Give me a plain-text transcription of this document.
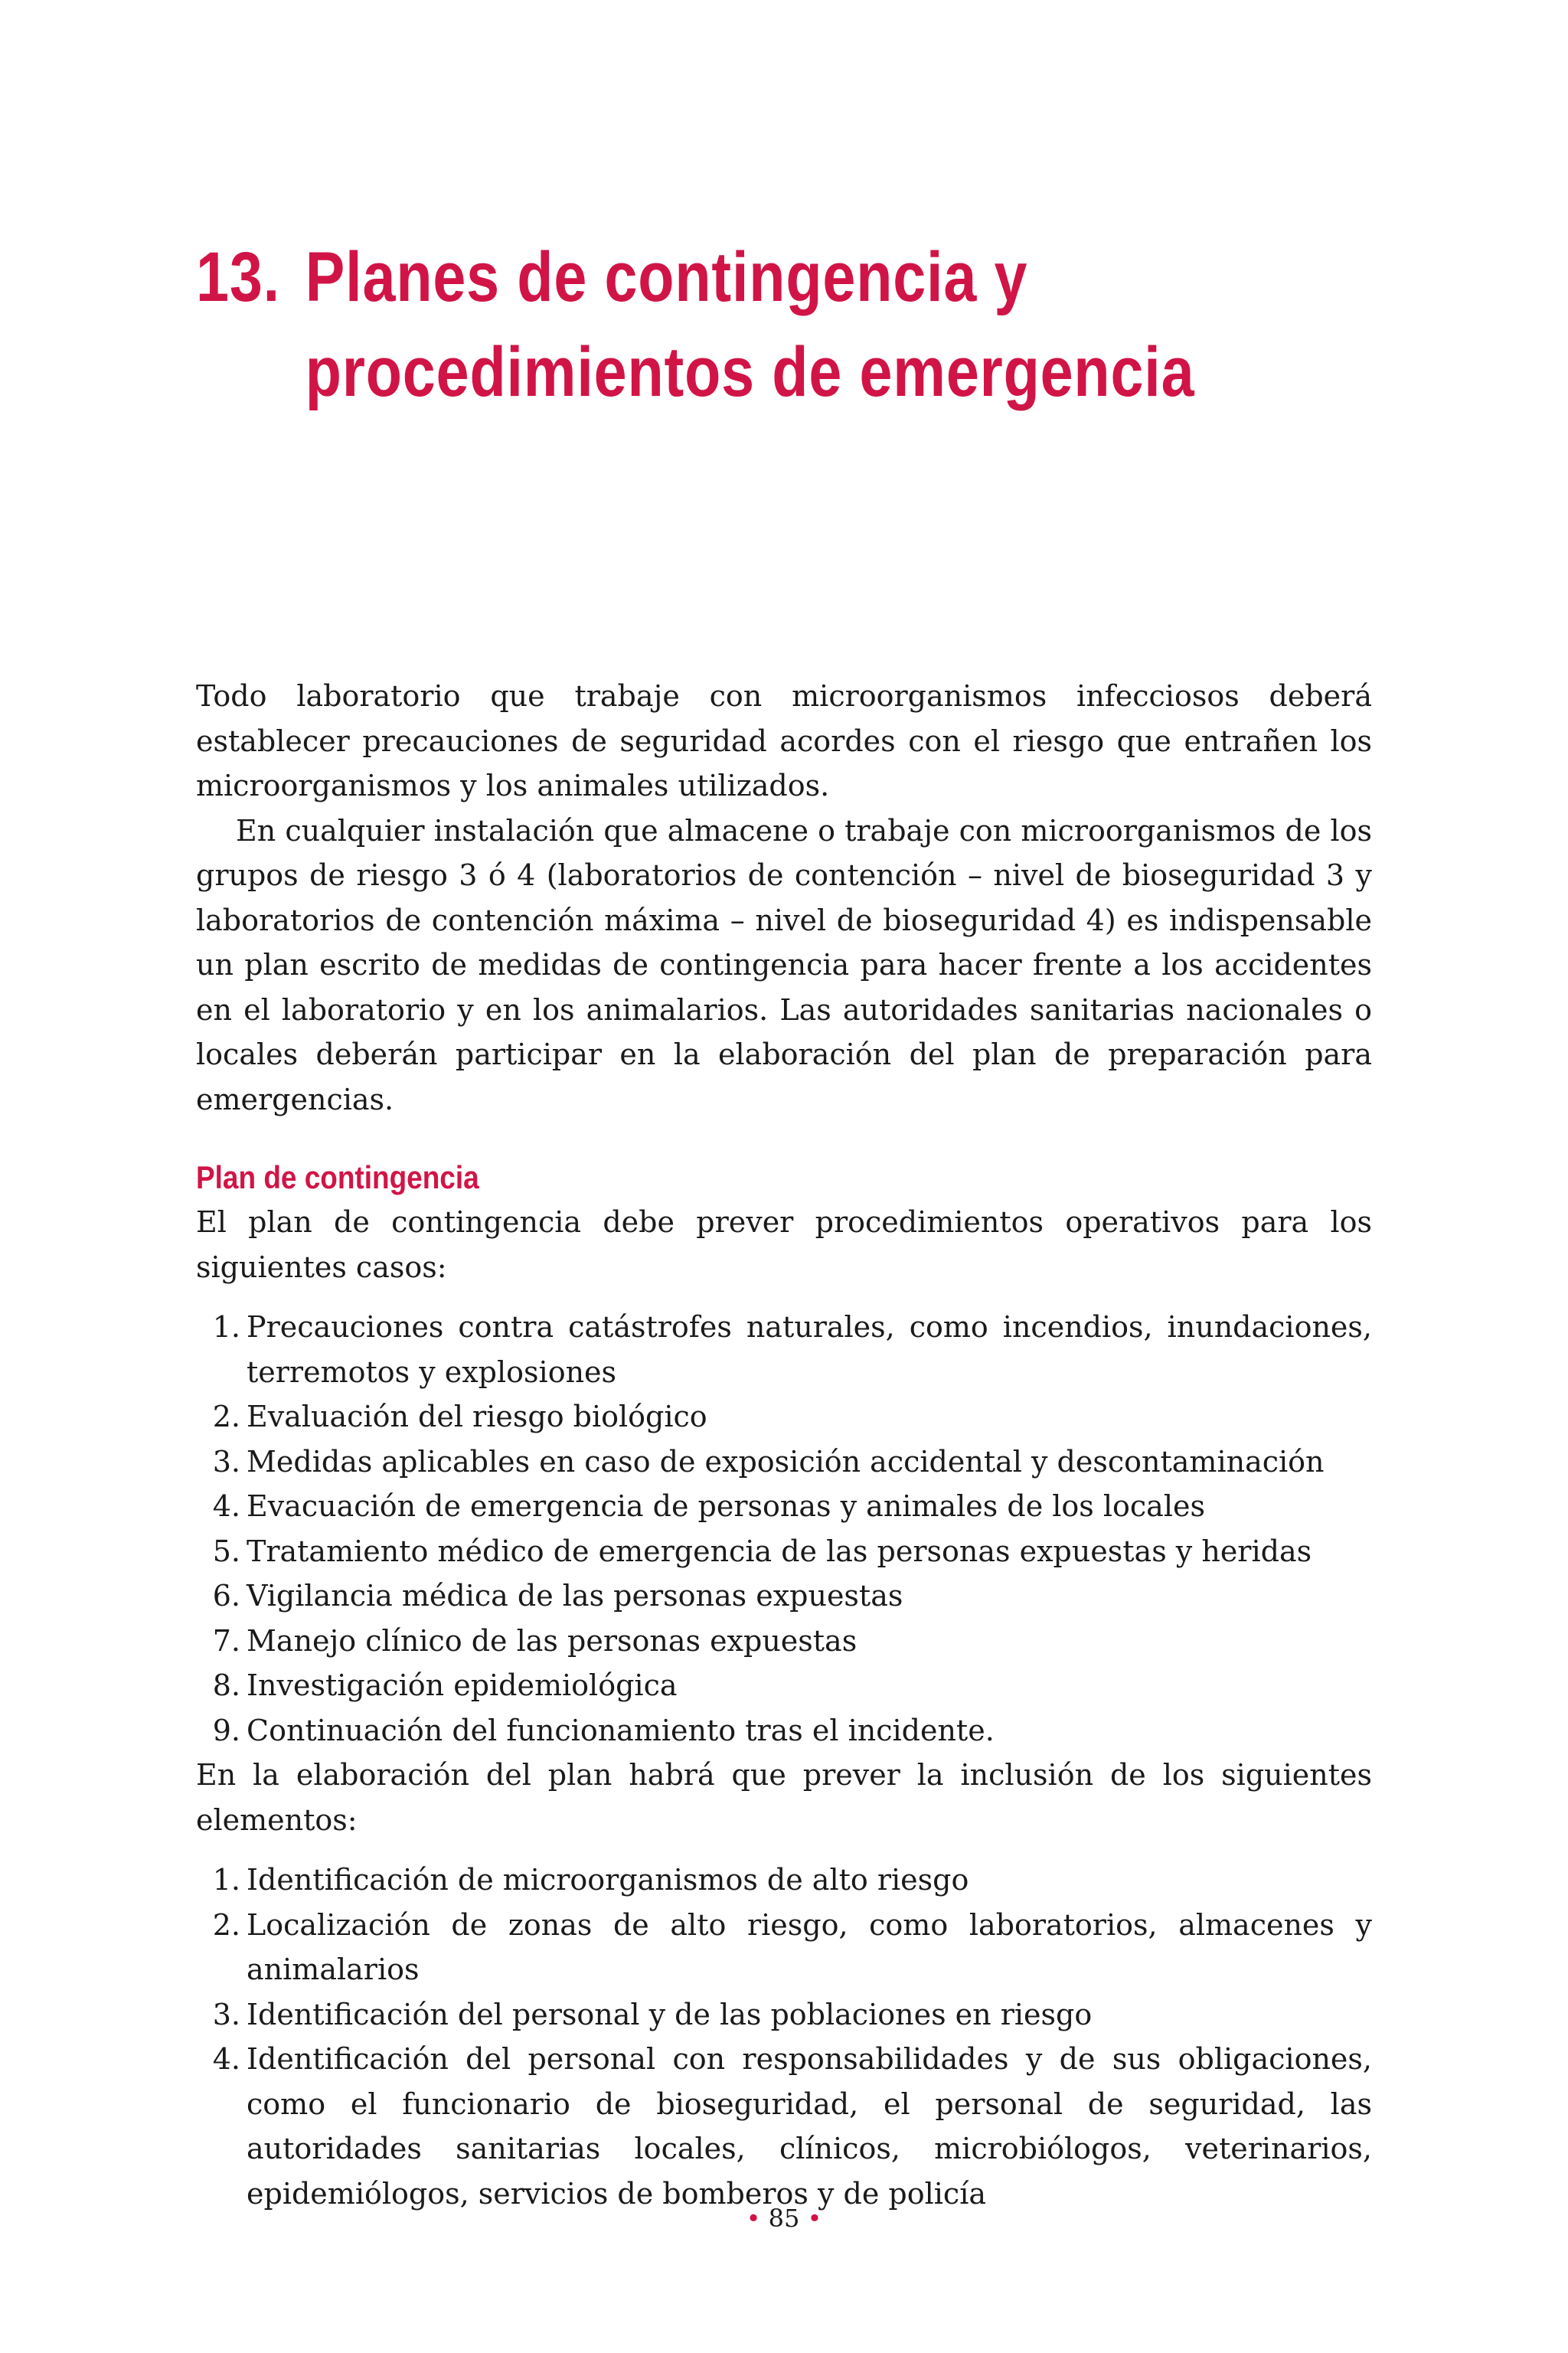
13. Planes de contingencia y
procedimientos de emergencia

Todo laboratorio que trabaje con microorganismos infecciosos deberá establecer precauciones de seguridad acordes con el riesgo que entrañen los microorganismos y los animales utilizados.

En cualquier instalación que almacene o trabaje con microorganismos de los grupos de riesgo 3 ó 4 (laboratorios de contención – nivel de bioseguridad 3 y laboratorios de contención máxima – nivel de bioseguridad 4) es indispensable un plan escrito de medidas de contingencia para hacer frente a los accidentes en el laboratorio y en los animalarios. Las autoridades sanitarias nacionales o locales deberán participar en la elaboración del plan de preparación para emergencias.

Plan de contingencia

El plan de contingencia debe prever procedimientos operativos para los siguientes casos:

1. Precauciones contra catástrofes naturales, como incendios, inundaciones, terremotos y explosiones
2. Evaluación del riesgo biológico
3. Medidas aplicables en caso de exposición accidental y descontaminación
4. Evacuación de emergencia de personas y animales de los locales
5. Tratamiento médico de emergencia de las personas expuestas y heridas
6. Vigilancia médica de las personas expuestas
7. Manejo clínico de las personas expuestas
8. Investigación epidemiológica
9. Continuación del funcionamiento tras el incidente.

En la elaboración del plan habrá que prever la inclusión de los siguientes elementos:

1. Identificación de microorganismos de alto riesgo
2. Localización de zonas de alto riesgo, como laboratorios, almacenes y animalarios
3. Identificación del personal y de las poblaciones en riesgo
4. Identificación del personal con responsabilidades y de sus obligaciones, como el funcionario de bioseguridad, el personal de seguridad, las autoridades sanitarias locales, clínicos, microbiólogos, veterinarios, epidemiólogos, servicios de bomberos y de policía
• 85 •
